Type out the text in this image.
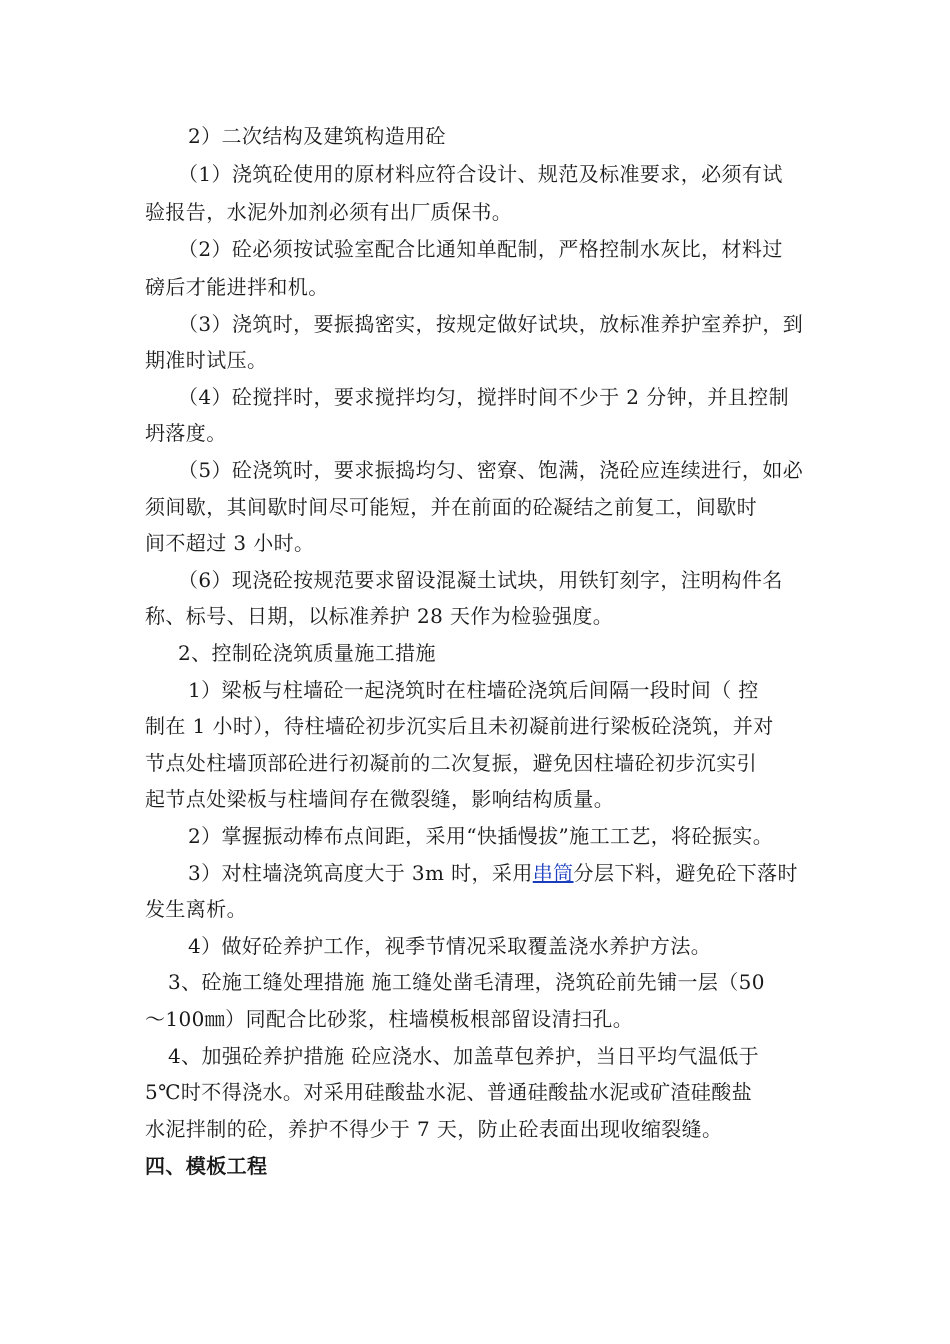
2）二次结构及建筑构造用砼
（1）浇筑砼使用的原材料应符合设计、规范及标准要求，必须有试
验报告，水泥外加剂必须有出厂质保书。
（2）砼必须按试验室配合比通知单配制，严格控制水灰比，材料过
磅后才能进拌和机。
（3）浇筑时，要振捣密实，按规定做好试块，放标准养护室养护，到
期准时试压。
（4）砼搅拌时，要求搅拌均匀，搅拌时间不少于 2 分钟，并且控制
坍落度。
（5）砼浇筑时，要求振捣均匀、密寮、饱满，浇砼应连续进行，如必
须间歇，其间歇时间尽可能短，并在前面的砼凝结之前复工，间歇时
间不超过 3 小时。
（6）现浇砼按规范要求留设混凝土试块，用铁钉刻字，注明构件名
称、标号、日期，以标准养护 28 天作为检验强度。
2、控制砼浇筑质量施工措施
1）梁板与柱墙砼一起浇筑时在柱墙砼浇筑后间隔一段时间（ 控
制在 1 小时），待柱墙砼初步沉实后且未初凝前进行梁板砼浇筑，并对
节点处柱墙顶部砼进行初凝前的二次复振，避免因柱墙砼初步沉实引
起节点处梁板与柱墙间存在微裂缝，影响结构质量。
2）掌握振动棒布点间距，采用“快插慢拔”施工工艺，将砼振实。
3）对柱墙浇筑高度大于 3m 时，采用串筒分层下料，避免砼下落时
发生离析。
4）做好砼养护工作，视季节情况采取覆盖浇水养护方法。
3、砼施工缝处理措施 施工缝处凿毛清理，浇筑砼前先铺一层（50
～100㎜）同配合比砂浆，柱墙模板根部留设清扫孔。
4、加强砼养护措施 砼应浇水、加盖草包养护，当日平均气温低于
5℃时不得浇水。对采用硅酸盐水泥、普通硅酸盐水泥或矿渣硅酸盐
水泥拌制的砼，养护不得少于 7 天，防止砼表面出现收缩裂缝。
四、模板工程
